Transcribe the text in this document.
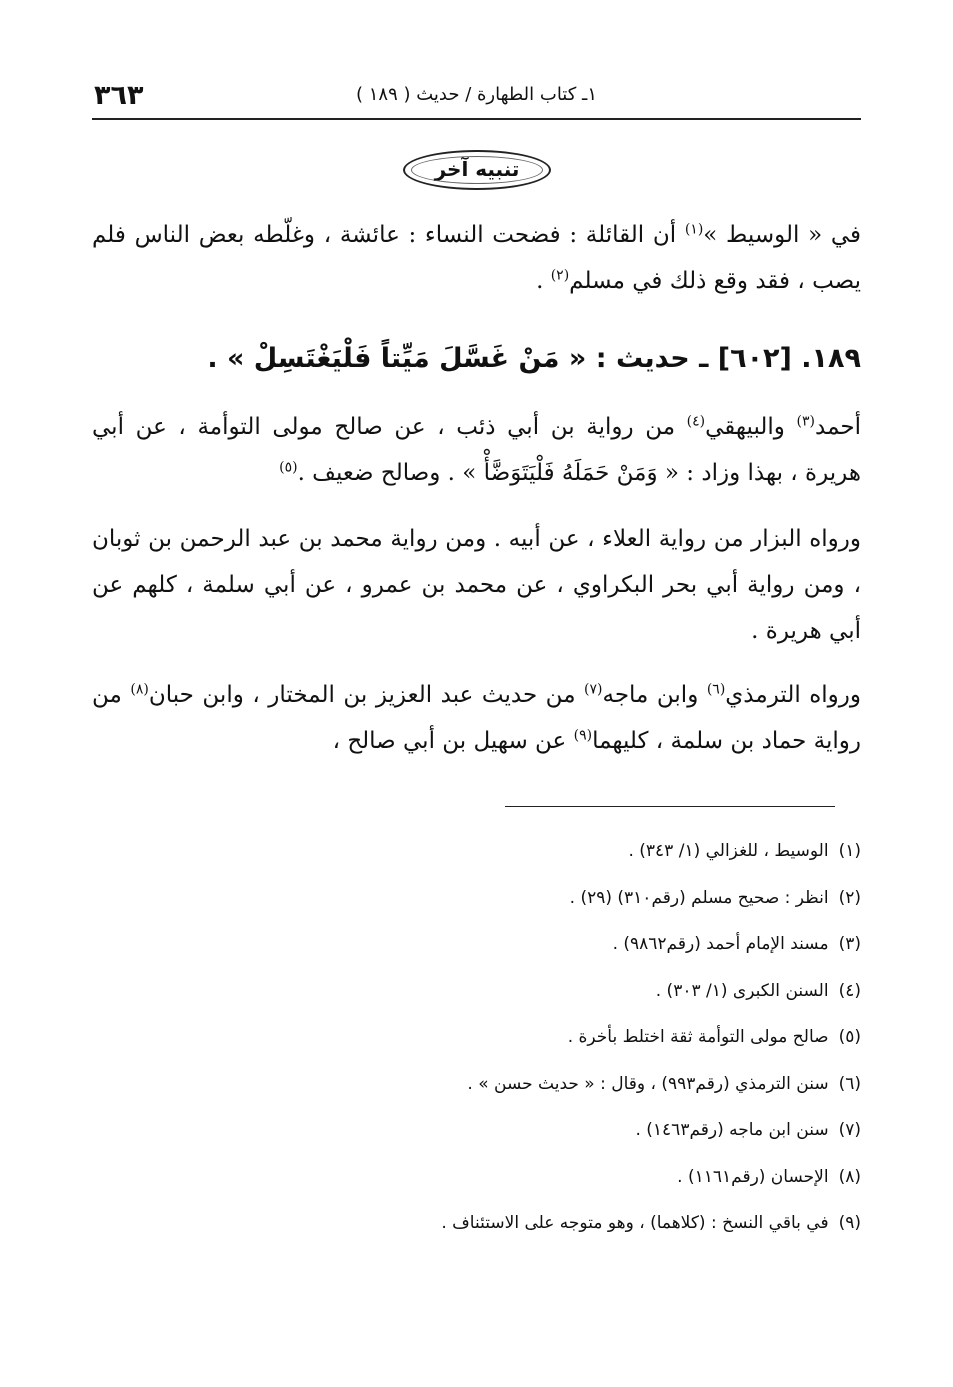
٣٦٣	١ـ كتاب الطهارة / حديث ( ١٨٩ )
تنبيه آخر
في « الوسيط »$^{(١)}$ أن القائلة : فضحت النساء : عائشة ، وغلّطه بعض الناس فلم يصب ، فقد وقع ذلك في مسلم$^{(٢)}$ .
١٨٩. [٦٠٢] ـ حديث : « مَنْ غَسَّلَ مَيِّتاً فَلْيَغْتَسِلْ » .
أحمد$^{(٣)}$ والبيهقي$^{(٤)}$ من رواية بن أبي ذئب ، عن صالح مولى التوأمة ، عن أبي هريرة ، بهذا وزاد : « وَمَنْ حَمَلَهُ فَلْيَتَوَضَّأْ » . وصالح ضعيف .$^{(٥)}$
ورواه البزار من رواية العلاء ، عن أبيه . ومن رواية محمد بن عبد الرحمن بن ثوبان ، ومن رواية أبي بحر البكراوي ، عن محمد بن عمرو ، عن أبي سلمة ، كلهم عن أبي هريرة .
ورواه الترمذي$^{(٦)}$ وابن ماجه$^{(٧)}$ من حديث عبد العزيز بن المختار ، وابن حبان$^{(٨)}$ من رواية حماد بن سلمة ، كليهما$^{(٩)}$ عن سهيل بن أبي صالح ،
(١)الوسيط ، للغزالي (١/ ٣٤٣) .
(٢)انظر : صحيح مسلم (رقم٣١٠) (٢٩) .
(٣)مسند الإمام أحمد (رقم٩٨٦٢) .
(٤)السنن الكبرى (١/ ٣٠٣) .
(٥)صالح مولى التوأمة ثقة اختلط بأخرة .
(٦)سنن الترمذي (رقم٩٩٣) ، وقال : « حديث حسن » .
(٧)سنن ابن ماجه (رقم١٤٦٣) .
(٨)الإحسان (رقم١١٦١) .
(٩)في باقي النسخ : (كلاهما) ، وهو متوجه على الاستئناف .
